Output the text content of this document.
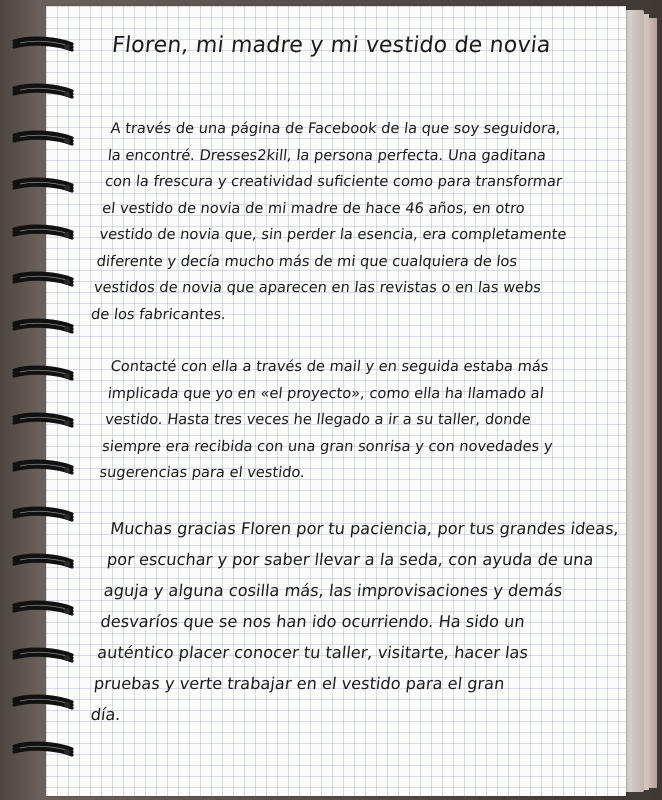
Floren, mi madre y mi vestido de novia

A través de una página de Facebook de la que soy seguidora,
la encontré. Dresses2kill, la persona perfecta. Una gaditana
con la frescura y creatividad suficiente como para transformar
el vestido de novia de mi madre de hace 46 años, en otro
vestido de novia que, sin perder la esencia, era completamente
diferente y decía mucho más de mi que cualquiera de los
vestidos de novia que aparecen en las revistas o en las webs
de los fabricantes.

Contacté con ella a través de mail y en seguida estaba más
implicada que yo en «el proyecto», como ella ha llamado al
vestido. Hasta tres veces he llegado a ir a su taller, donde
siempre era recibida con una gran sonrisa y con novedades y
sugerencias para el vestido.

Muchas gracias Floren por tu paciencia, por tus grandes ideas,
por escuchar y por saber llevar a la seda, con ayuda de una
aguja y alguna cosilla más, las improvisaciones y demás
desvaríos que se nos han ido ocurriendo. Ha sido un
auténtico placer conocer tu taller, visitarte, hacer las
pruebas y verte trabajar en el vestido para el gran
día.
